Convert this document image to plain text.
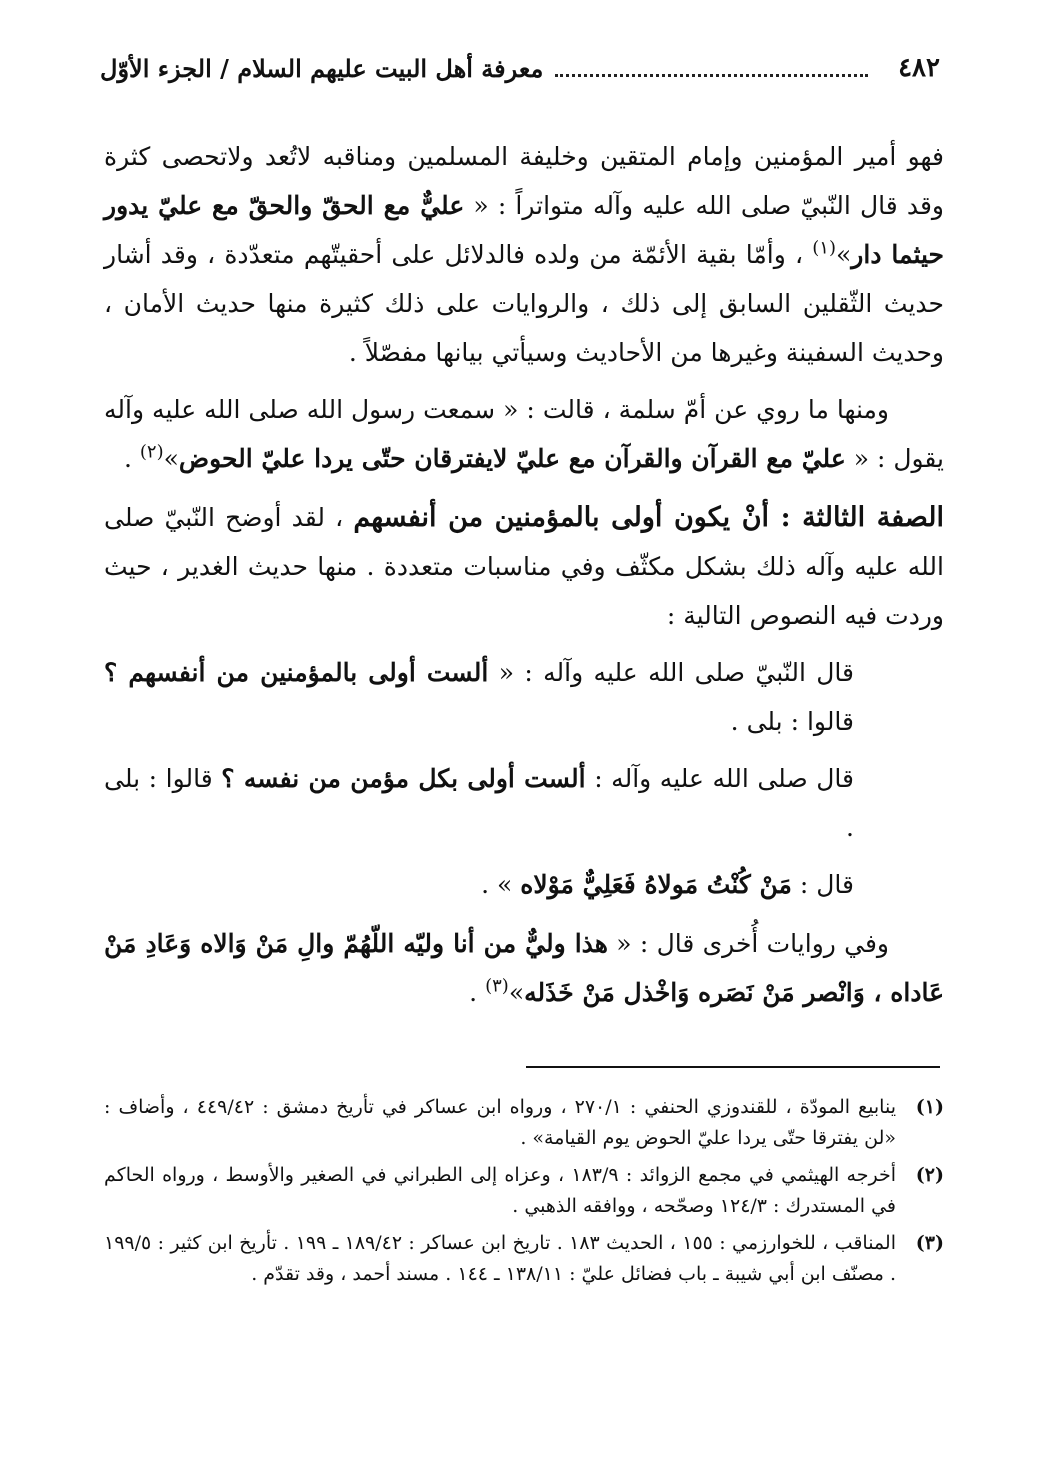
٤٨٢
معرفة أهل البيت عليهم السلام / الجزء الأوّل

فهو أمير المؤمنين وإمام المتقين وخليفة المسلمين ومناقبه لاتُعد ولاتحصى كثرة وقد قال النّبيّ صلى الله عليه وآله متواتراً : « عليٌّ مع الحقّ والحقّ مع عليّ يدور حيثما دار»$^{(١)}$ ، وأمّا بقية الأئمّة من ولده فالدلائل على أحقيتّهم متعدّدة ، وقد أشار حديث الثّقلين السابق إلى ذلك ، والروايات على ذلك كثيرة منها حديث الأمان ، وحديث السفينة وغيرها من الأحاديث وسيأتي بيانها مفصّلاً .

ومنها ما روي عن أمّ سلمة ، قالت : « سمعت رسول الله صلى الله عليه وآله يقول : « عليّ مع القرآن والقرآن مع عليّ لايفترقان حتّى يردا عليّ الحوض»$^{(٢)}$ .

الصفة الثالثة : أنْ يكون أولى بالمؤمنين من أنفسهم ، لقد أوضح النّبيّ صلى الله عليه وآله ذلك بشكل مكثّف وفي مناسبات متعددة . منها حديث الغدير ، حيث وردت فيه النصوص التالية :

قال النّبيّ صلى الله عليه وآله : « ألست أولى بالمؤمنين من أنفسهم ؟ قالوا : بلى .

قال صلى الله عليه وآله : ألست أولى بكل مؤمن من نفسه ؟ قالوا : بلى .

قال : مَنْ كُنْتُ مَولاهُ فَعَلِيٌّ مَوْلاه » .

وفي روايات أُخرى قال : « هذا وليٌّ من أنا وليّه اللّهُمّ والِ مَنْ وَالاه وَعَادِ مَنْ عَاداه ، وَانْصر مَنْ نَصَره وَاخْذل مَنْ خَذَله»$^{(٣)}$ .

(١)
ينابيع المودّة ، للقندوزي الحنفي : ٢٧٠/١ ، ورواه ابن عساكر في تأريخ دمشق : ٤٤٩/٤٢ ، وأضاف : «لن يفترقا حتّى يردا عليّ الحوض يوم القيامة» .
(٢)
أخرجه الهيثمي في مجمع الزوائد : ١٨٣/٩ ، وعزاه إلى الطبراني في الصغير والأوسط ، ورواه الحاكم في المستدرك : ١٢٤/٣ وصحّحه ، ووافقه الذهبي .
(٣)
المناقب ، للخوارزمي : ١٥٥ ، الحديث ١٨٣ . تاريخ ابن عساكر : ١٨٩/٤٢ ـ ١٩٩ . تأريخ ابن كثير : ١٩٩/٥ . مصنّف ابن أبي شيبة ـ باب فضائل عليّ : ١٣٨/١١ ـ ١٤٤ . مسند أحمد ، وقد تقدّم .
